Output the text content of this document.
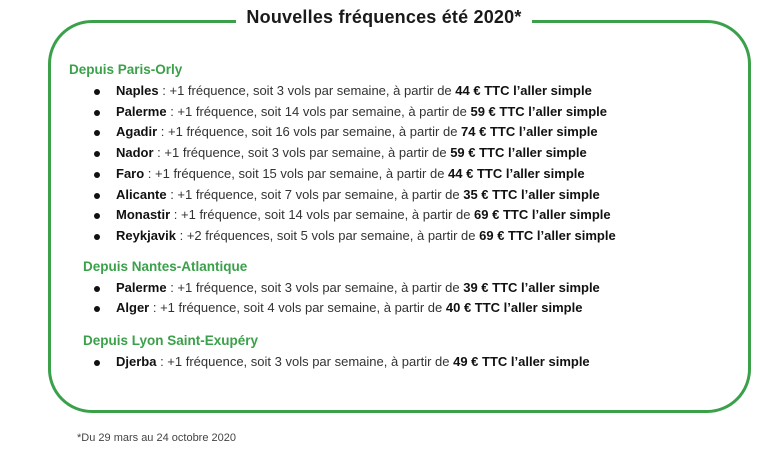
Nouvelles fréquences été 2020*

Depuis Paris-Orly

Naples : +1 fréquence, soit 3 vols par semaine, à partir de 44 € TTC l’aller simple
Palerme : +1 fréquence, soit 14 vols par semaine, à partir de 59 € TTC l’aller simple
Agadir : +1 fréquence, soit 16 vols par semaine, à partir de 74 € TTC l’aller simple
Nador : +1 fréquence, soit 3 vols par semaine, à partir de 59 € TTC l’aller simple
Faro : +1 fréquence, soit 15 vols par semaine, à partir de 44 € TTC l’aller simple
Alicante : +1 fréquence, soit 7 vols par semaine, à partir de 35 € TTC l’aller simple
Monastir : +1 fréquence, soit 14 vols par semaine, à partir de 69 € TTC l’aller simple
Reykjavik : +2 fréquences, soit 5 vols par semaine, à partir de 69 € TTC l’aller simple

Depuis Nantes-Atlantique

Palerme : +1 fréquence, soit 3 vols par semaine, à partir de 39 € TTC l’aller simple
Alger : +1 fréquence, soit 4 vols par semaine, à partir de 40 € TTC l’aller simple

Depuis Lyon Saint-Exupéry

Djerba : +1 fréquence, soit 3 vols par semaine, à partir de 49 € TTC l’aller simple
*Du 29 mars au 24 octobre 2020
